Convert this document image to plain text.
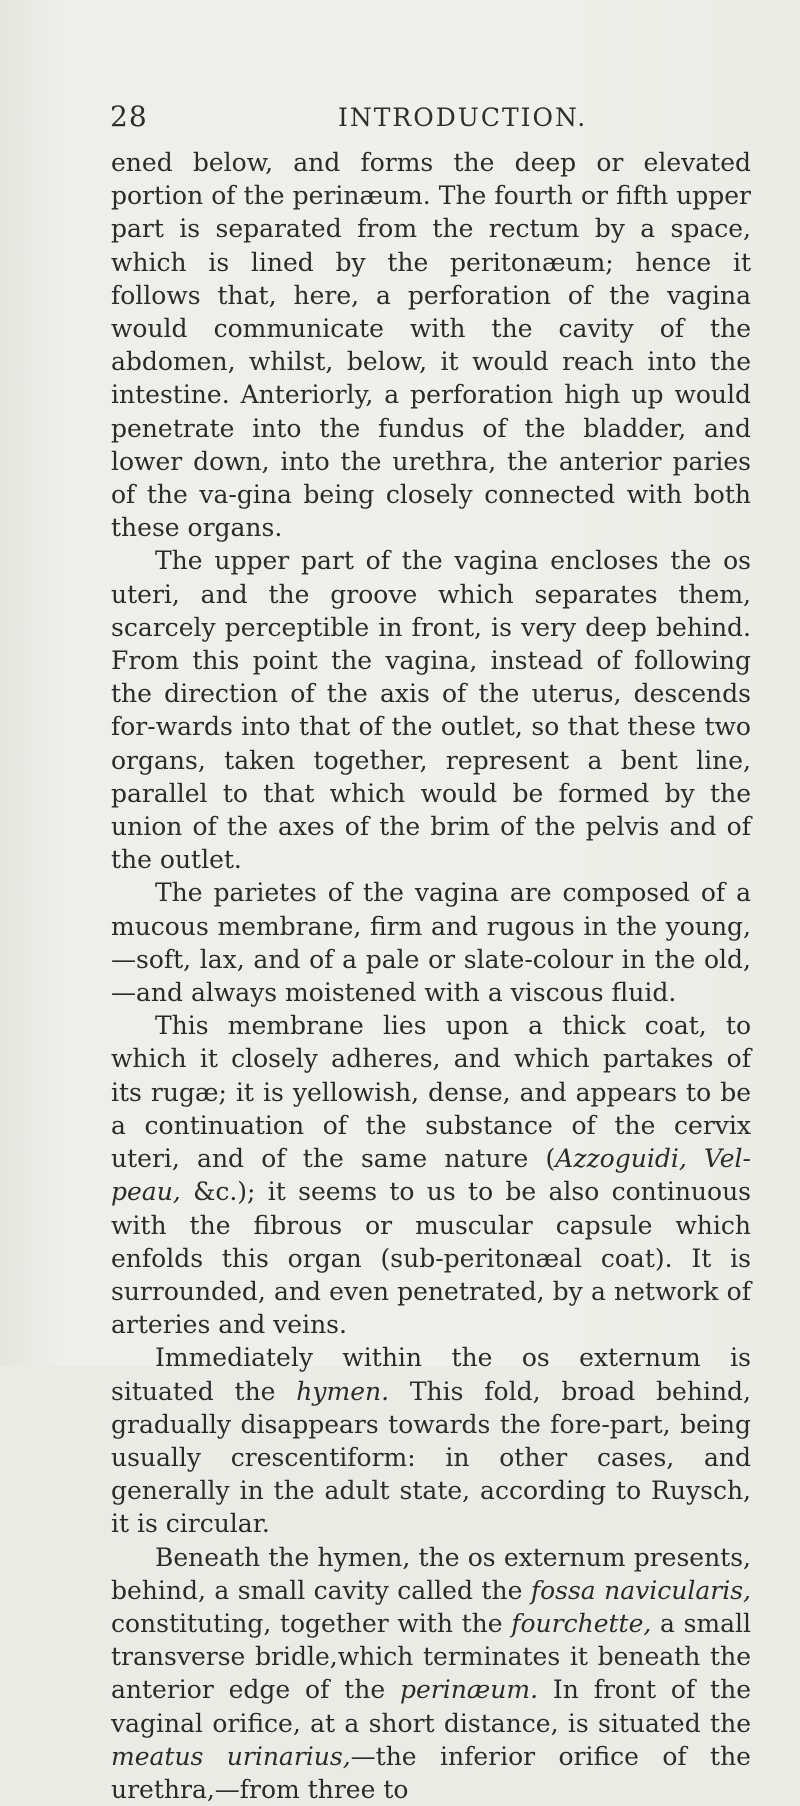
28	INTRODUCTION.

ened below, and forms the deep or elevated portion of the perinæum. The fourth or fifth upper part is separated from the rectum by a space, which is lined by the peritonæum; hence it follows that, here, a perforation of the vagina would communicate with the cavity of the abdomen, whilst, below, it would reach into the intestine. Anteriorly, a perforation high up would penetrate into the fundus of the bladder, and lower down, into the urethra, the anterior paries of the va-gina being closely connected with both these organs.

The upper part of the vagina encloses the os uteri, and the groove which separates them, scarcely perceptible in front, is very deep behind. From this point the vagina, instead of following the direction of the axis of the uterus, descends for-wards into that of the outlet, so that these two organs, taken together, represent a bent line, parallel to that which would be formed by the union of the axes of the brim of the pelvis and of the outlet.

The parietes of the vagina are composed of a mucous membrane, firm and rugous in the young,—soft, lax, and of a pale or slate-colour in the old,—and always moistened with a viscous fluid.

This membrane lies upon a thick coat, to which it closely adheres, and which partakes of its rugæ; it is yellowish, dense, and appears to be a continuation of the substance of the cervix uteri, and of the same nature (Azzoguidi, Vel-peau, &c.); it seems to us to be also continuous with the fibrous or muscular capsule which enfolds this organ (sub-peritonæal coat). It is surrounded, and even penetrated, by a network of arteries and veins.

Immediately within the os externum is situated the hymen. This fold, broad behind, gradually disappears towards the fore-part, being usually crescentiform: in other cases, and generally in the adult state, according to Ruysch, it is circular.

Beneath the hymen, the os externum presents, behind, a small cavity called the fossa navicularis, constituting, together with the fourchette, a small transverse bridle,which terminates it beneath the anterior edge of the perinæum. In front of the vaginal orifice, at a short distance, is situated the meatus urinarius,—the inferior orifice of the urethra,—from three to
